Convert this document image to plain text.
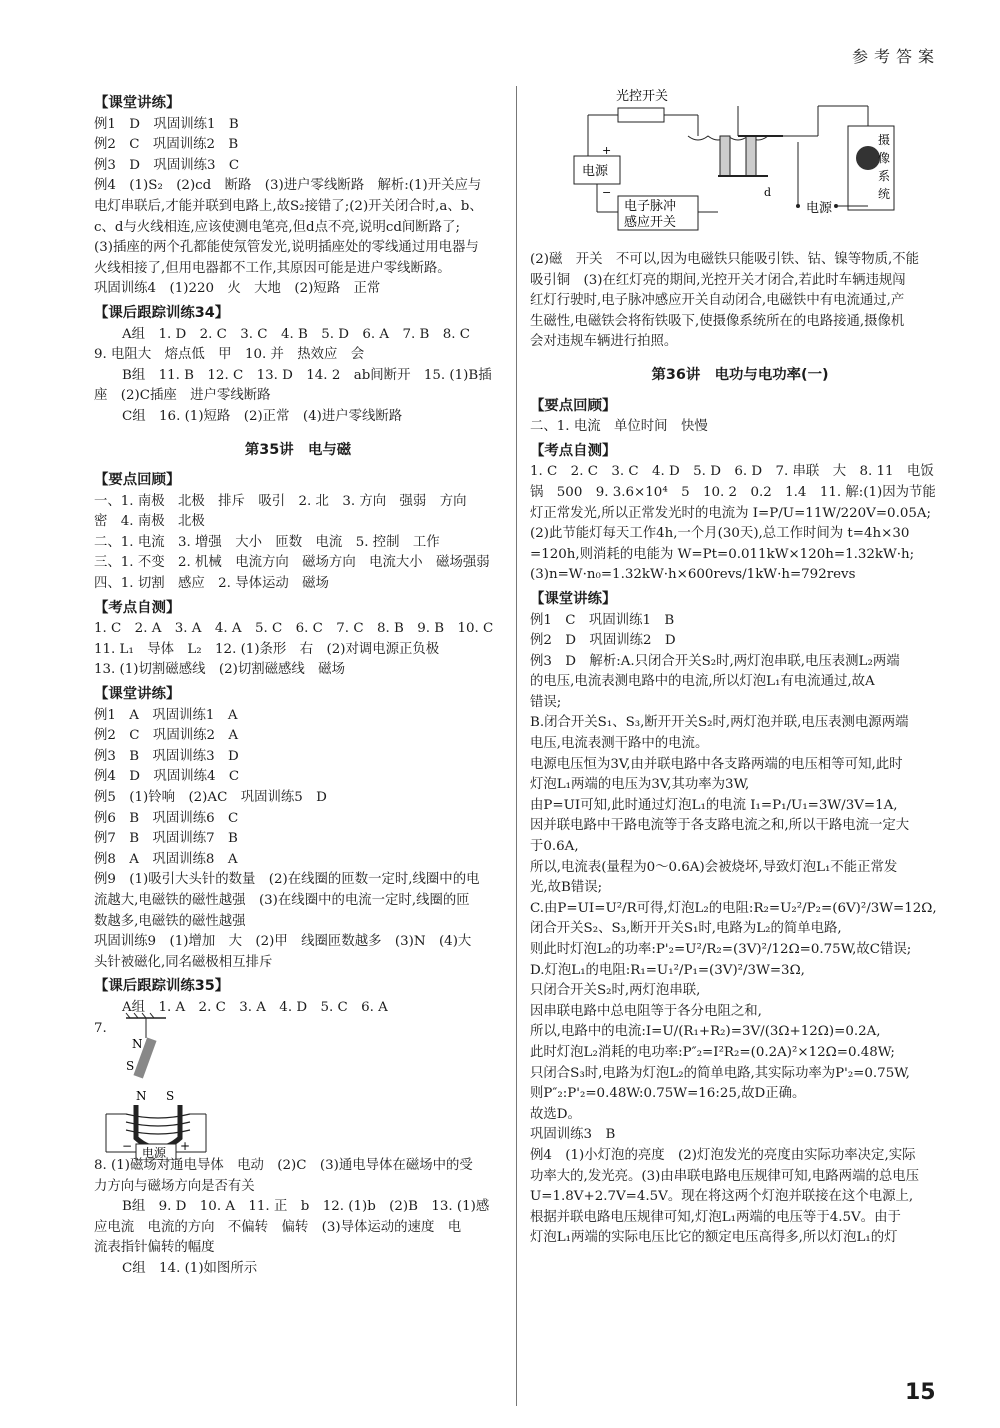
参考答案
【课堂讲练】
例1　D　巩固训练1　B
例2　C　巩固训练2　B
例3　D　巩固训练3　C
例4　(1)S₂　(2)cd　断路　(3)进户零线断路　解析:(1)开关应与
电灯串联后,才能并联到电路上,故S₂接错了;(2)开关闭合时,a、b、
c、d与火线相连,应该使测电笔亮,但d点不亮,说明cd间断路了;
(3)插座的两个孔都能使氖管发光,说明插座处的零线通过用电器与
火线相接了,但用电器都不工作,其原因可能是进户零线断路。
巩固训练4　(1)220　火　大地　(2)短路　正常
【课后跟踪训练34】
A组　1. D　2. C　3. C　4. B　5. D　6. A　7. B　8. C
9. 电阻大　熔点低　甲　10. 并　热效应　会
B组　11. B　12. C　13. D　14. 2　ab间断开　15. (1)B插
座　(2)C插座　进户零线断路
C组　16. (1)短路　(2)正常　(4)进户零线断路
第35讲　电与磁
【要点回顾】
一、1. 南极　北极　排斥　吸引　2. 北　3. 方向　强弱　方向
密　4. 南极　北极
二、1. 电流　3. 增强　大小　匝数　电流　5. 控制　工作
三、1. 不变　2. 机械　电流方向　磁场方向　电流大小　磁场强弱
四、1. 切割　感应　2. 导体运动　磁场
【考点自测】
1. C　2. A　3. A　4. A　5. C　6. C　7. C　8. B　9. B　10. C
11. L₁　导体　L₂　12. (1)条形　右　(2)对调电源正负极
13. (1)切割磁感线　(2)切割磁感线　磁场
【课堂讲练】
例1　A　巩固训练1　A
例2　C　巩固训练2　A
例3　B　巩固训练3　D
例4　D　巩固训练4　C
例5　(1)铃响　(2)AC　巩固训练5　D
例6　B　巩固训练6　C
例7　B　巩固训练7　B
例8　A　巩固训练8　A
例9　(1)吸引大头针的数量　(2)在线圈的匝数一定时,线圈中的电
流越大,电磁铁的磁性越强　(3)在线圈中的电流一定时,线圈的匝
数越多,电磁铁的磁性越强
巩固训练9　(1)增加　大　(2)甲　线圈匝数越多　(3)N　(4)大
头针被磁化,同名磁极相互排斥
【课后跟踪训练35】
A组　1. A　2. C　3. A　4. D　5. C　6. A
7.
N
S
N S
电源
−	+
8. (1)磁场对通电导体　电动　(2)C　(3)通电导体在磁场中的受
力方向与磁场方向是否有关
B组　9. D　10. A　11. 正　b　12. (1)b　(2)B　13. (1)感
应电流　电流的方向　不偏转　偏转　(3)导体运动的速度　电
流表指针偏转的幅度
C组　14. (1)如图所示
光控开关
电源
+
−
电子脉冲
感应开关
d
摄
像
系
统
电源
(2)磁　开关　不可以,因为电磁铁只能吸引铁、钴、镍等物质,不能
吸引铜　(3)在红灯亮的期间,光控开关才闭合,若此时车辆违规闯
红灯行驶时,电子脉冲感应开关自动闭合,电磁铁中有电流通过,产
生磁性,电磁铁会将衔铁吸下,使摄像系统所在的电路接通,摄像机
会对违规车辆进行拍照。
第36讲　电功与电功率(一)
【要点回顾】
二、1. 电流　单位时间　快慢
【考点自测】
1. C　2. C　3. C　4. D　5. D　6. D　7. 串联　大　8. 11　电饭
锅　500　9. 3.6×10⁴　5　10. 2　0.2　1.4　11. 解:(1)因为节能
灯正常发光,所以正常发光时的电流为 I=P/U=11W/220V=0.05A;
(2)此节能灯每天工作4h,一个月(30天),总工作时间为 t=4h×30
=120h,则消耗的电能为 W=Pt=0.011kW×120h=1.32kW·h;
(3)n=W·n₀=1.32kW·h×600revs/1kW·h=792revs
【课堂讲练】
例1　C　巩固训练1　B
例2　D　巩固训练2　D
例3　D　解析:A.只闭合开关S₂时,两灯泡串联,电压表测L₂两端
的电压,电流表测电路中的电流,所以灯泡L₁有电流通过,故A
错误;
B.闭合开关S₁、S₃,断开开关S₂时,两灯泡并联,电压表测电源两端
电压,电流表测干路中的电流。
电源电压恒为3V,由并联电路中各支路两端的电压相等可知,此时
灯泡L₁两端的电压为3V,其功率为3W,
由P=UI可知,此时通过灯泡L₁的电流 I₁=P₁/U₁=3W/3V=1A,
因并联电路中干路电流等于各支路电流之和,所以干路电流一定大
于0.6A,
所以,电流表(量程为0～0.6A)会被烧坏,导致灯泡L₁不能正常发
光,故B错误;
C.由P=UI=U²/R可得,灯泡L₂的电阻:R₂=U₂²/P₂=(6V)²/3W=12Ω,
闭合开关S₂、S₃,断开开关S₁时,电路为L₂的简单电路,
则此时灯泡L₂的功率:P'₂=U²/R₂=(3V)²/12Ω=0.75W,故C错误;
D.灯泡L₁的电阻:R₁=U₁²/P₁=(3V)²/3W=3Ω,
只闭合开关S₂时,两灯泡串联,
因串联电路中总电阻等于各分电阻之和,
所以,电路中的电流:I=U/(R₁+R₂)=3V/(3Ω+12Ω)=0.2A,
此时灯泡L₂消耗的电功率:P″₂=I²R₂=(0.2A)²×12Ω=0.48W;
只闭合S₃时,电路为灯泡L₂的简单电路,其实际功率为P'₂=0.75W,
则P″₂:P'₂=0.48W:0.75W=16:25,故D正确。
故选D。
巩固训练3　B
例4　(1)小灯泡的亮度　(2)灯泡发光的亮度由实际功率决定,实际
功率大的,发光亮。(3)由串联电路电压规律可知,电路两端的总电压
U=1.8V+2.7V=4.5V。现在将这两个灯泡并联接在这个电源上,
根据并联电路电压规律可知,灯泡L₁两端的电压等于4.5V。由于
灯泡L₁两端的实际电压比它的额定电压高得多,所以灯泡L₁的灯
15
